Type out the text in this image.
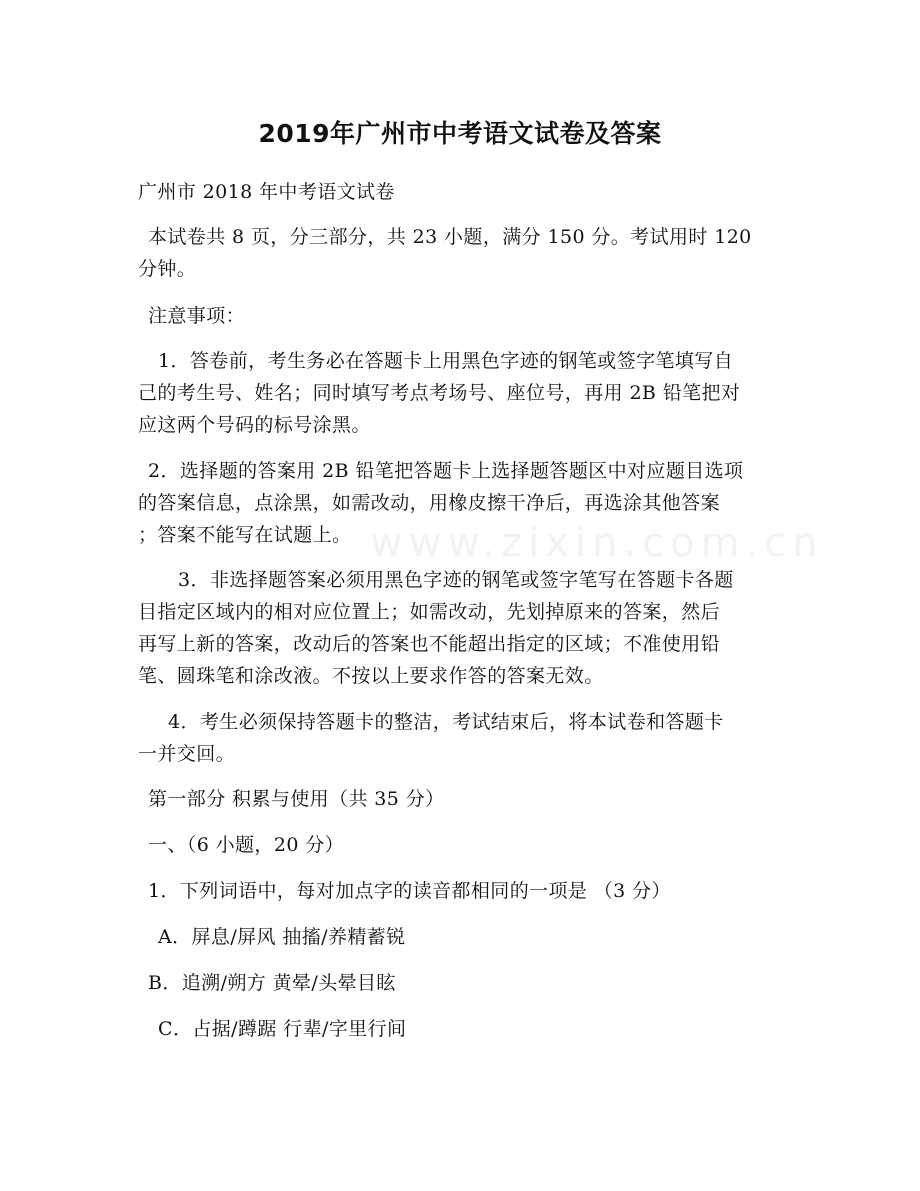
www.zixin.com.cn
2019年广州市中考语文试卷及答案
广州市 2018 年中考语文试卷
本试卷共 8 页，分三部分，共 23 小题，满分 150 分。考试用时 120
分钟。
注意事项：
1．答卷前，考生务必在答题卡上用黑色字迹的钢笔或签字笔填写自
己的考生号、姓名；同时填写考点考场号、座位号，再用 2B 铅笔把对
应这两个号码的标号涂黑。
2．选择题的答案用 2B 铅笔把答题卡上选择题答题区中对应题目选项
的答案信息，点涂黑，如需改动，用橡皮擦干净后，再选涂其他答案
；答案不能写在试题上。
3．非选择题答案必须用黑色字迹的钢笔或签字笔写在答题卡各题
目指定区域内的相对应位置上；如需改动，先划掉原来的答案，然后
再写上新的答案，改动后的答案也不能超出指定的区域；不准使用铅
笔、圆珠笔和涂改液。不按以上要求作答的答案无效。
4．考生必须保持答题卡的整洁，考试结束后，将本试卷和答题卡
一并交回。
第一部分 积累与使用（共 35 分）
一、（6 小题，20 分）
1．下列词语中，每对加点字的读音都相同的一项是 （3 分）
A．屏息/屏风 抽搐/养精蓄锐
B．追溯/朔方 黄晕/头晕目眩
C．占据/蹲踞 行辈/字里行间
